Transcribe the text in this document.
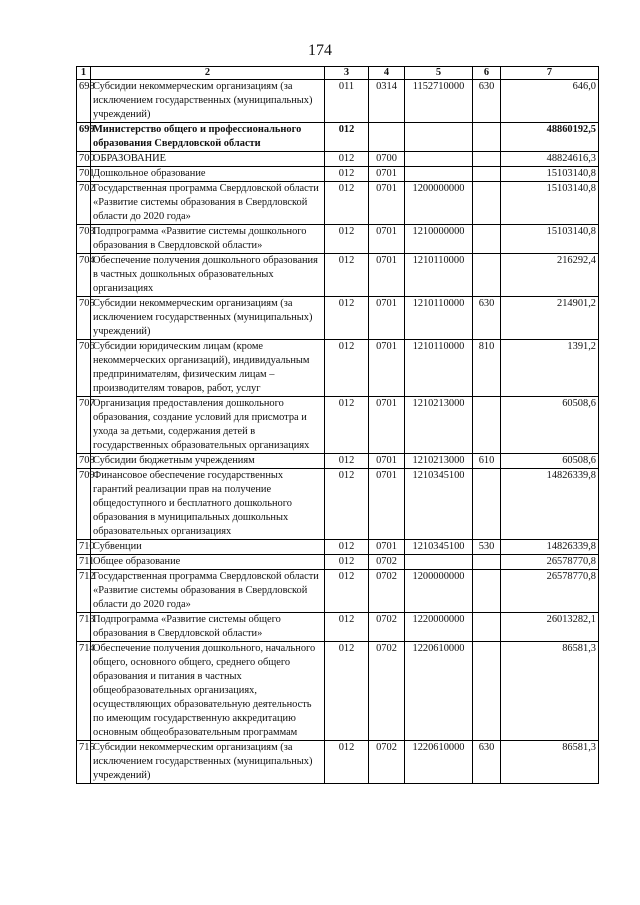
174
1	2	3	4	5	6	7
698	Субсидии некоммерческим организациям (за исключением государственных (муниципальных) учреждений)	011	0314	1152710000	630	646,0
699	Министерство общего и профессионального образования Свердловской области	012				48860192,5
700	ОБРАЗОВАНИЕ	012	0700			48824616,3
701	Дошкольное образование	012	0701			15103140,8
702	Государственная программа Свердловской области «Развитие системы образования в Свердловской области до 2020 года»	012	0701	1200000000		15103140,8
703	Подпрограмма «Развитие системы дошкольного образования в Свердловской области»	012	0701	1210000000		15103140,8
704	Обеспечение получения дошкольного образования в частных дошкольных образовательных организациях	012	0701	1210110000		216292,4
705	Субсидии некоммерческим организациям (за исключением государственных (муниципальных) учреждений)	012	0701	1210110000	630	214901,2
706	Субсидии юридическим лицам (кроме некоммерческих организаций), индивидуальным предпринимателям, физическим лицам – производителям товаров, работ, услуг	012	0701	1210110000	810	1391,2
707	Организация предоставления дошкольного образования, создание условий для присмотра и ухода за детьми, содержания детей в государственных образовательных организациях	012	0701	1210213000		60508,6
708	Субсидии бюджетным учреждениям	012	0701	1210213000	610	60508,6
709	Финансовое обеспечение государственных гарантий реализации прав на получение общедоступного и бесплатного дошкольного образования в муниципальных дошкольных образовательных организациях	012	0701	1210345100		14826339,8
710	Субвенции	012	0701	1210345100	530	14826339,8
711	Общее образование	012	0702			26578770,8
712	Государственная программа Свердловской области «Развитие системы образования в Свердловской области до 2020 года»	012	0702	1200000000		26578770,8
713	Подпрограмма «Развитие системы общего образования в Свердловской области»	012	0702	1220000000		26013282,1
714	Обеспечение получения дошкольного, начального общего, основного общего, среднего общего образования и питания в частных общеобразовательных организациях, осуществляющих образовательную деятельность по имеющим государственную аккредитацию основным общеобразовательным программам	012	0702	1220610000		86581,3
715	Субсидии некоммерческим организациям (за исключением государственных (муниципальных) учреждений)	012	0702	1220610000	630	86581,3
